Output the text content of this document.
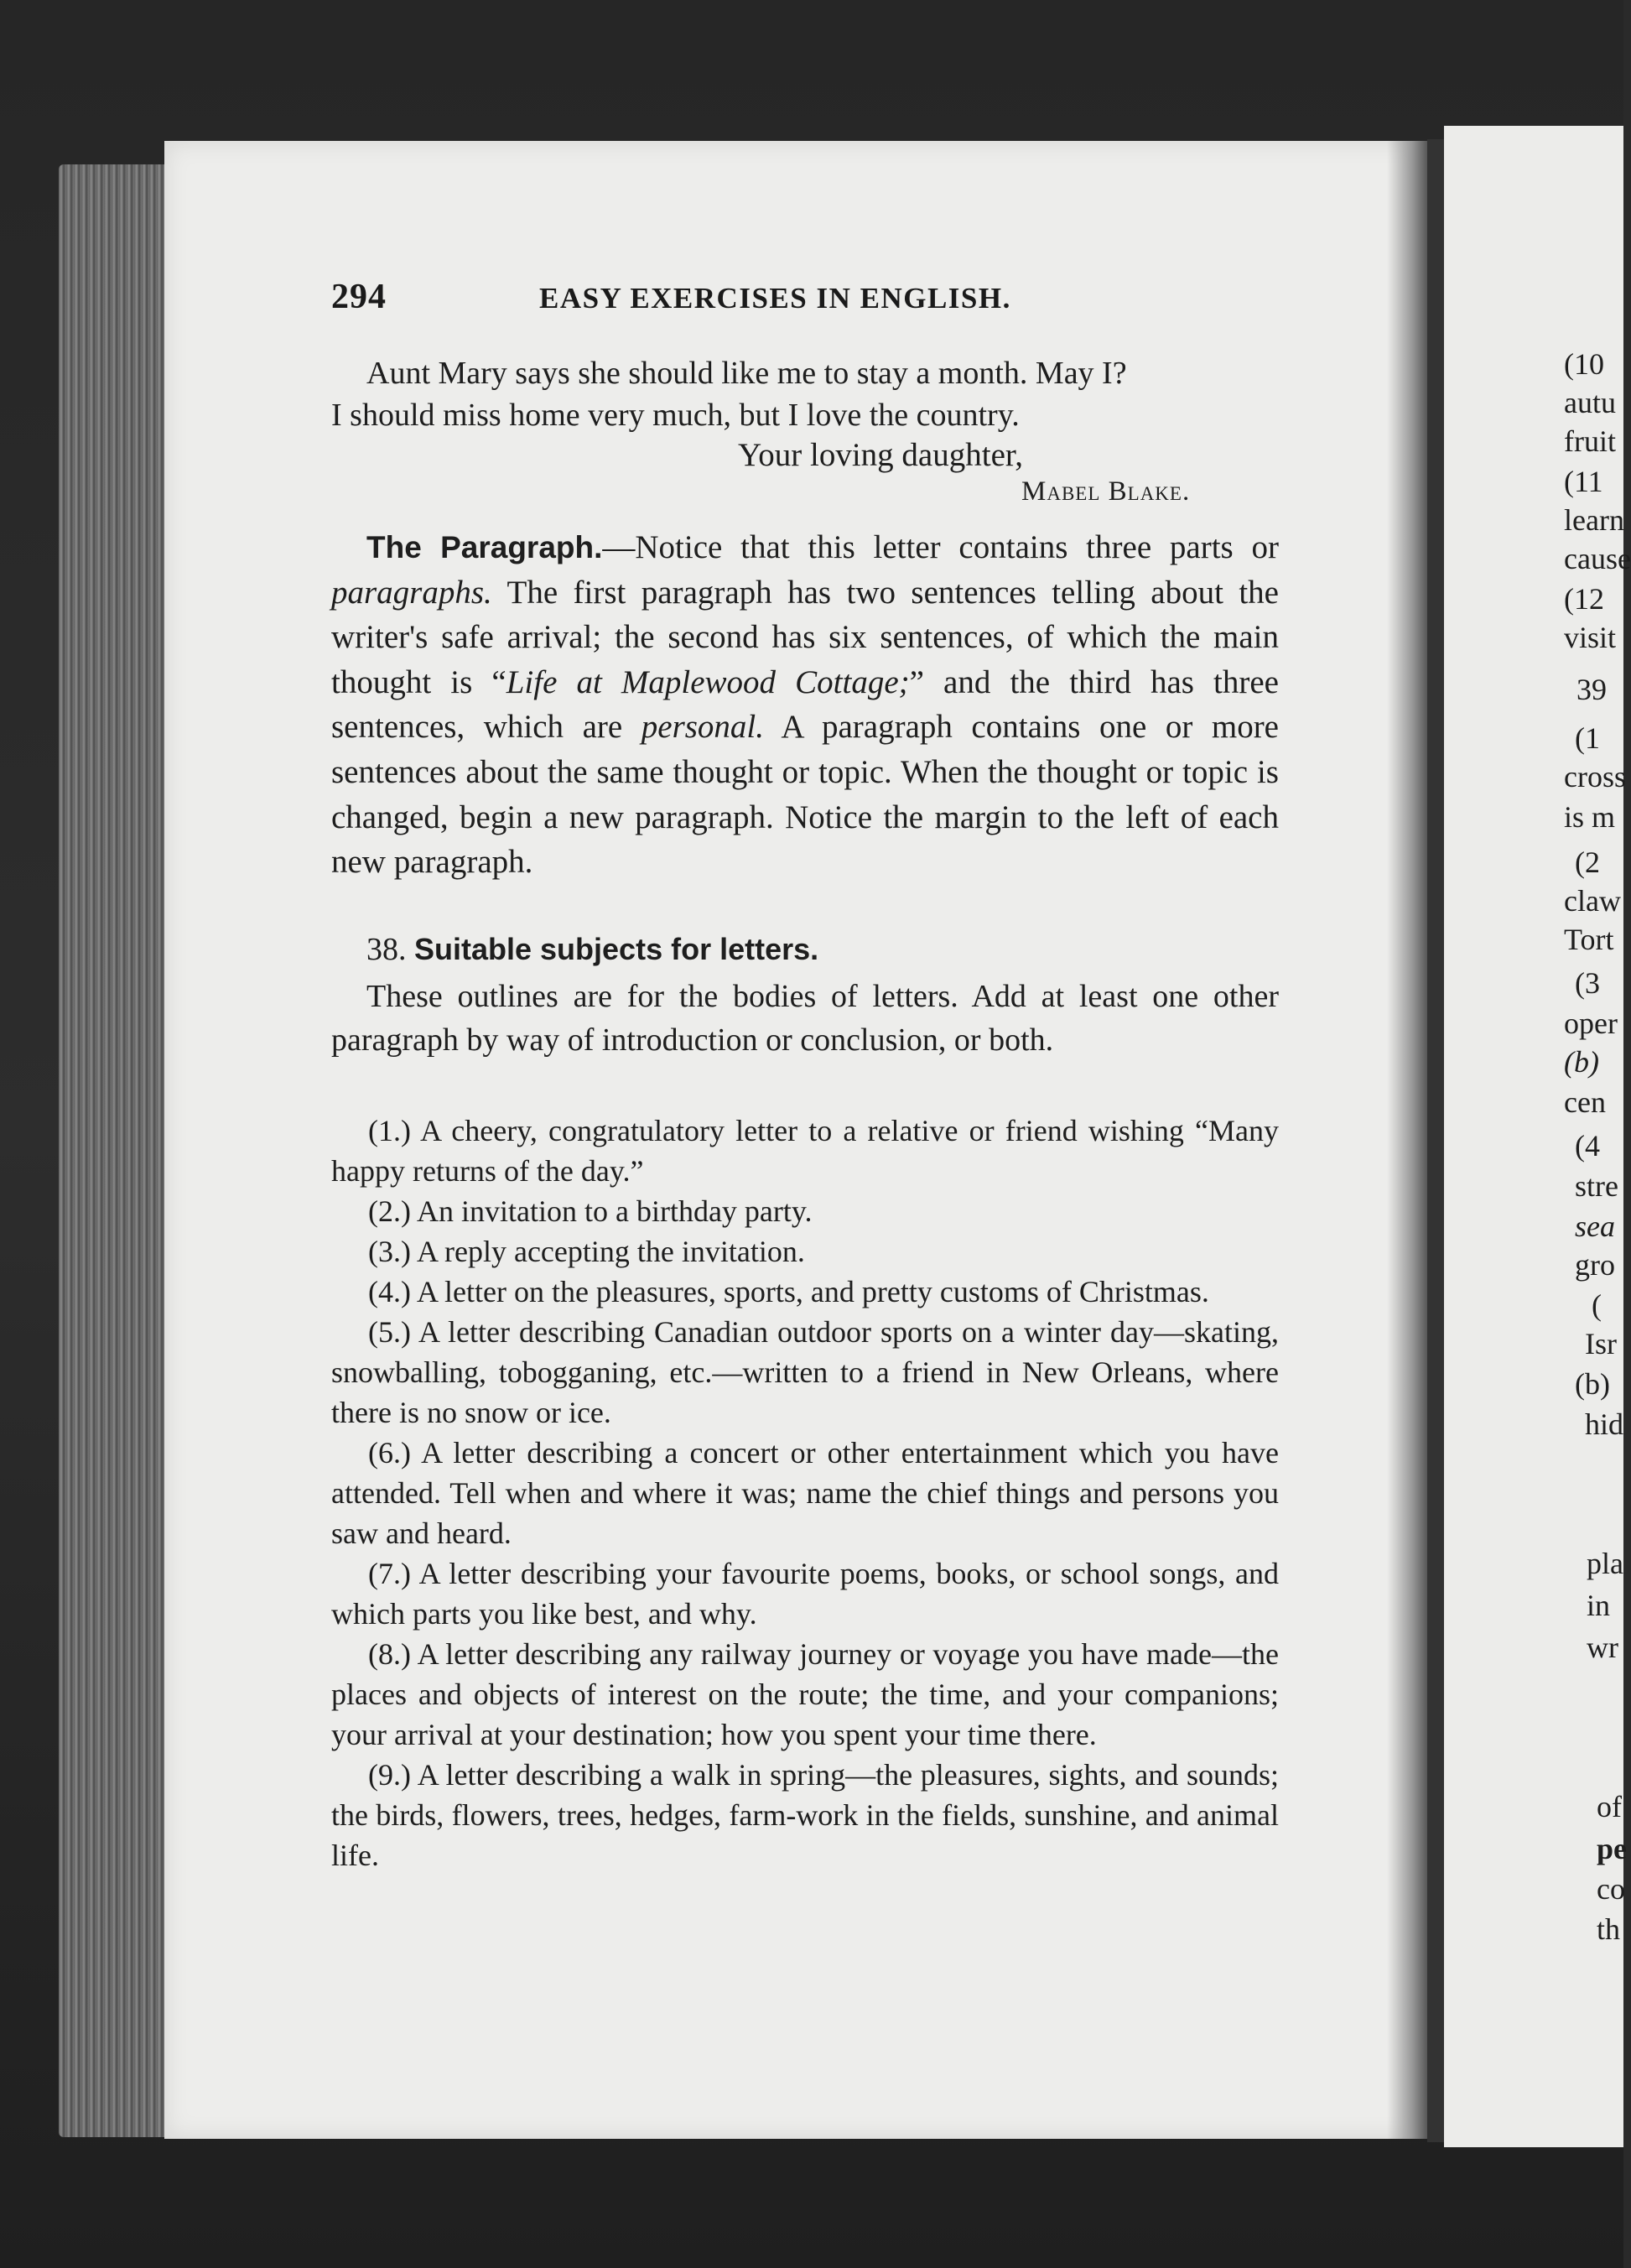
294	EASY EXERCISES IN ENGLISH.

Aunt Mary says she should like me to stay a month. May I?

I should miss home very much, but I love the country.

Your loving daughter,
Mabel Blake.

The Paragraph.—Notice that this letter contains three parts or paragraphs. The first paragraph has two sentences telling about the writer's safe arrival; the second has six sentences, of which the main thought is “Life at Maplewood Cottage;” and the third has three sentences, which are personal. A paragraph contains one or more sentences about the same thought or topic. When the thought or topic is changed, begin a new paragraph. Notice the margin to the left of each new paragraph.

38. Suitable subjects for letters.

These outlines are for the bodies of letters. Add at least one other paragraph by way of introduction or conclusion, or both.

(1.) A cheery, congratulatory letter to a relative or friend wishing “Many happy returns of the day.”

(2.) An invitation to a birthday party.

(3.) A reply accepting the invitation.

(4.) A letter on the pleasures, sports, and pretty customs of Christmas.

(5.) A letter describing Canadian outdoor sports on a winter day—skating, snowballing, tobogganing, etc.—written to a friend in New Orleans, where there is no snow or ice.

(6.) A letter describing a concert or other entertainment which you have attended. Tell when and where it was; name the chief things and persons you saw and heard.

(7.) A letter describing your favourite poems, books, or school songs, and which parts you like best, and why.

(8.) A letter describing any railway journey or voyage you have made—the places and objects of interest on the route; the time, and your companions; your arrival at your destination; how you spent your time there.

(9.) A letter describing a walk in spring—the pleasures, sights, and sounds; the birds, flowers, trees, hedges, farm-work in the fields, sunshine, and animal life.

(10
autu
fruit
(11
learn
cause
(12
visit
39
(1
cross
is m
(2
claw
Tort
(3
oper
(b)
cen
(4
stre
sea
gro
(
Isr
(b)
hid
pla
in
wr
of
pe
co
th
